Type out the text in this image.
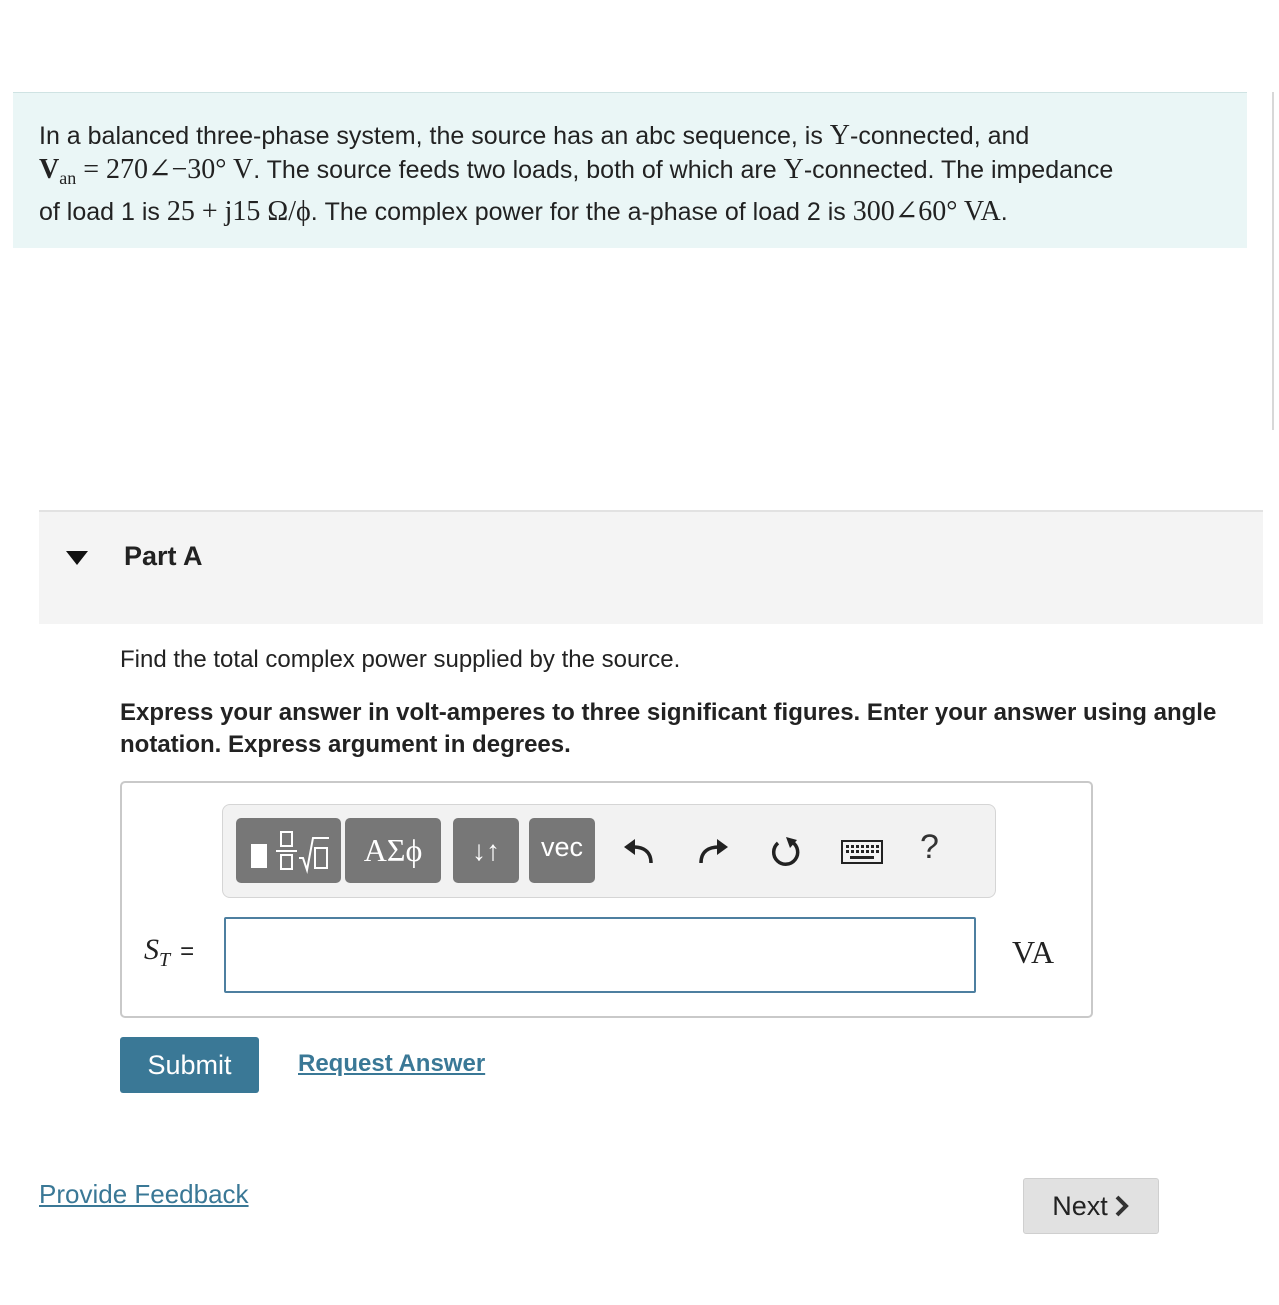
In a balanced three-phase system, the source has an abc sequence, is Y-connected, and
$V_{an}$ = 270∠−30° V. The source feeds two loads, both of which are Y-connected. The impedance
of load 1 is 25 + j15 Ω/ϕ. The complex power for the a-phase of load 2 is 300∠60° VA.
Part A
Find the total complex power supplied by the source.
Express your answer in volt-amperes to three significant figures. Enter your answer using angle notation. Express argument in degrees.
ΑΣϕ	↓↑	vec	?
$S_T$ =	VA
Submit	Request Answer
Provide Feedback	Next
